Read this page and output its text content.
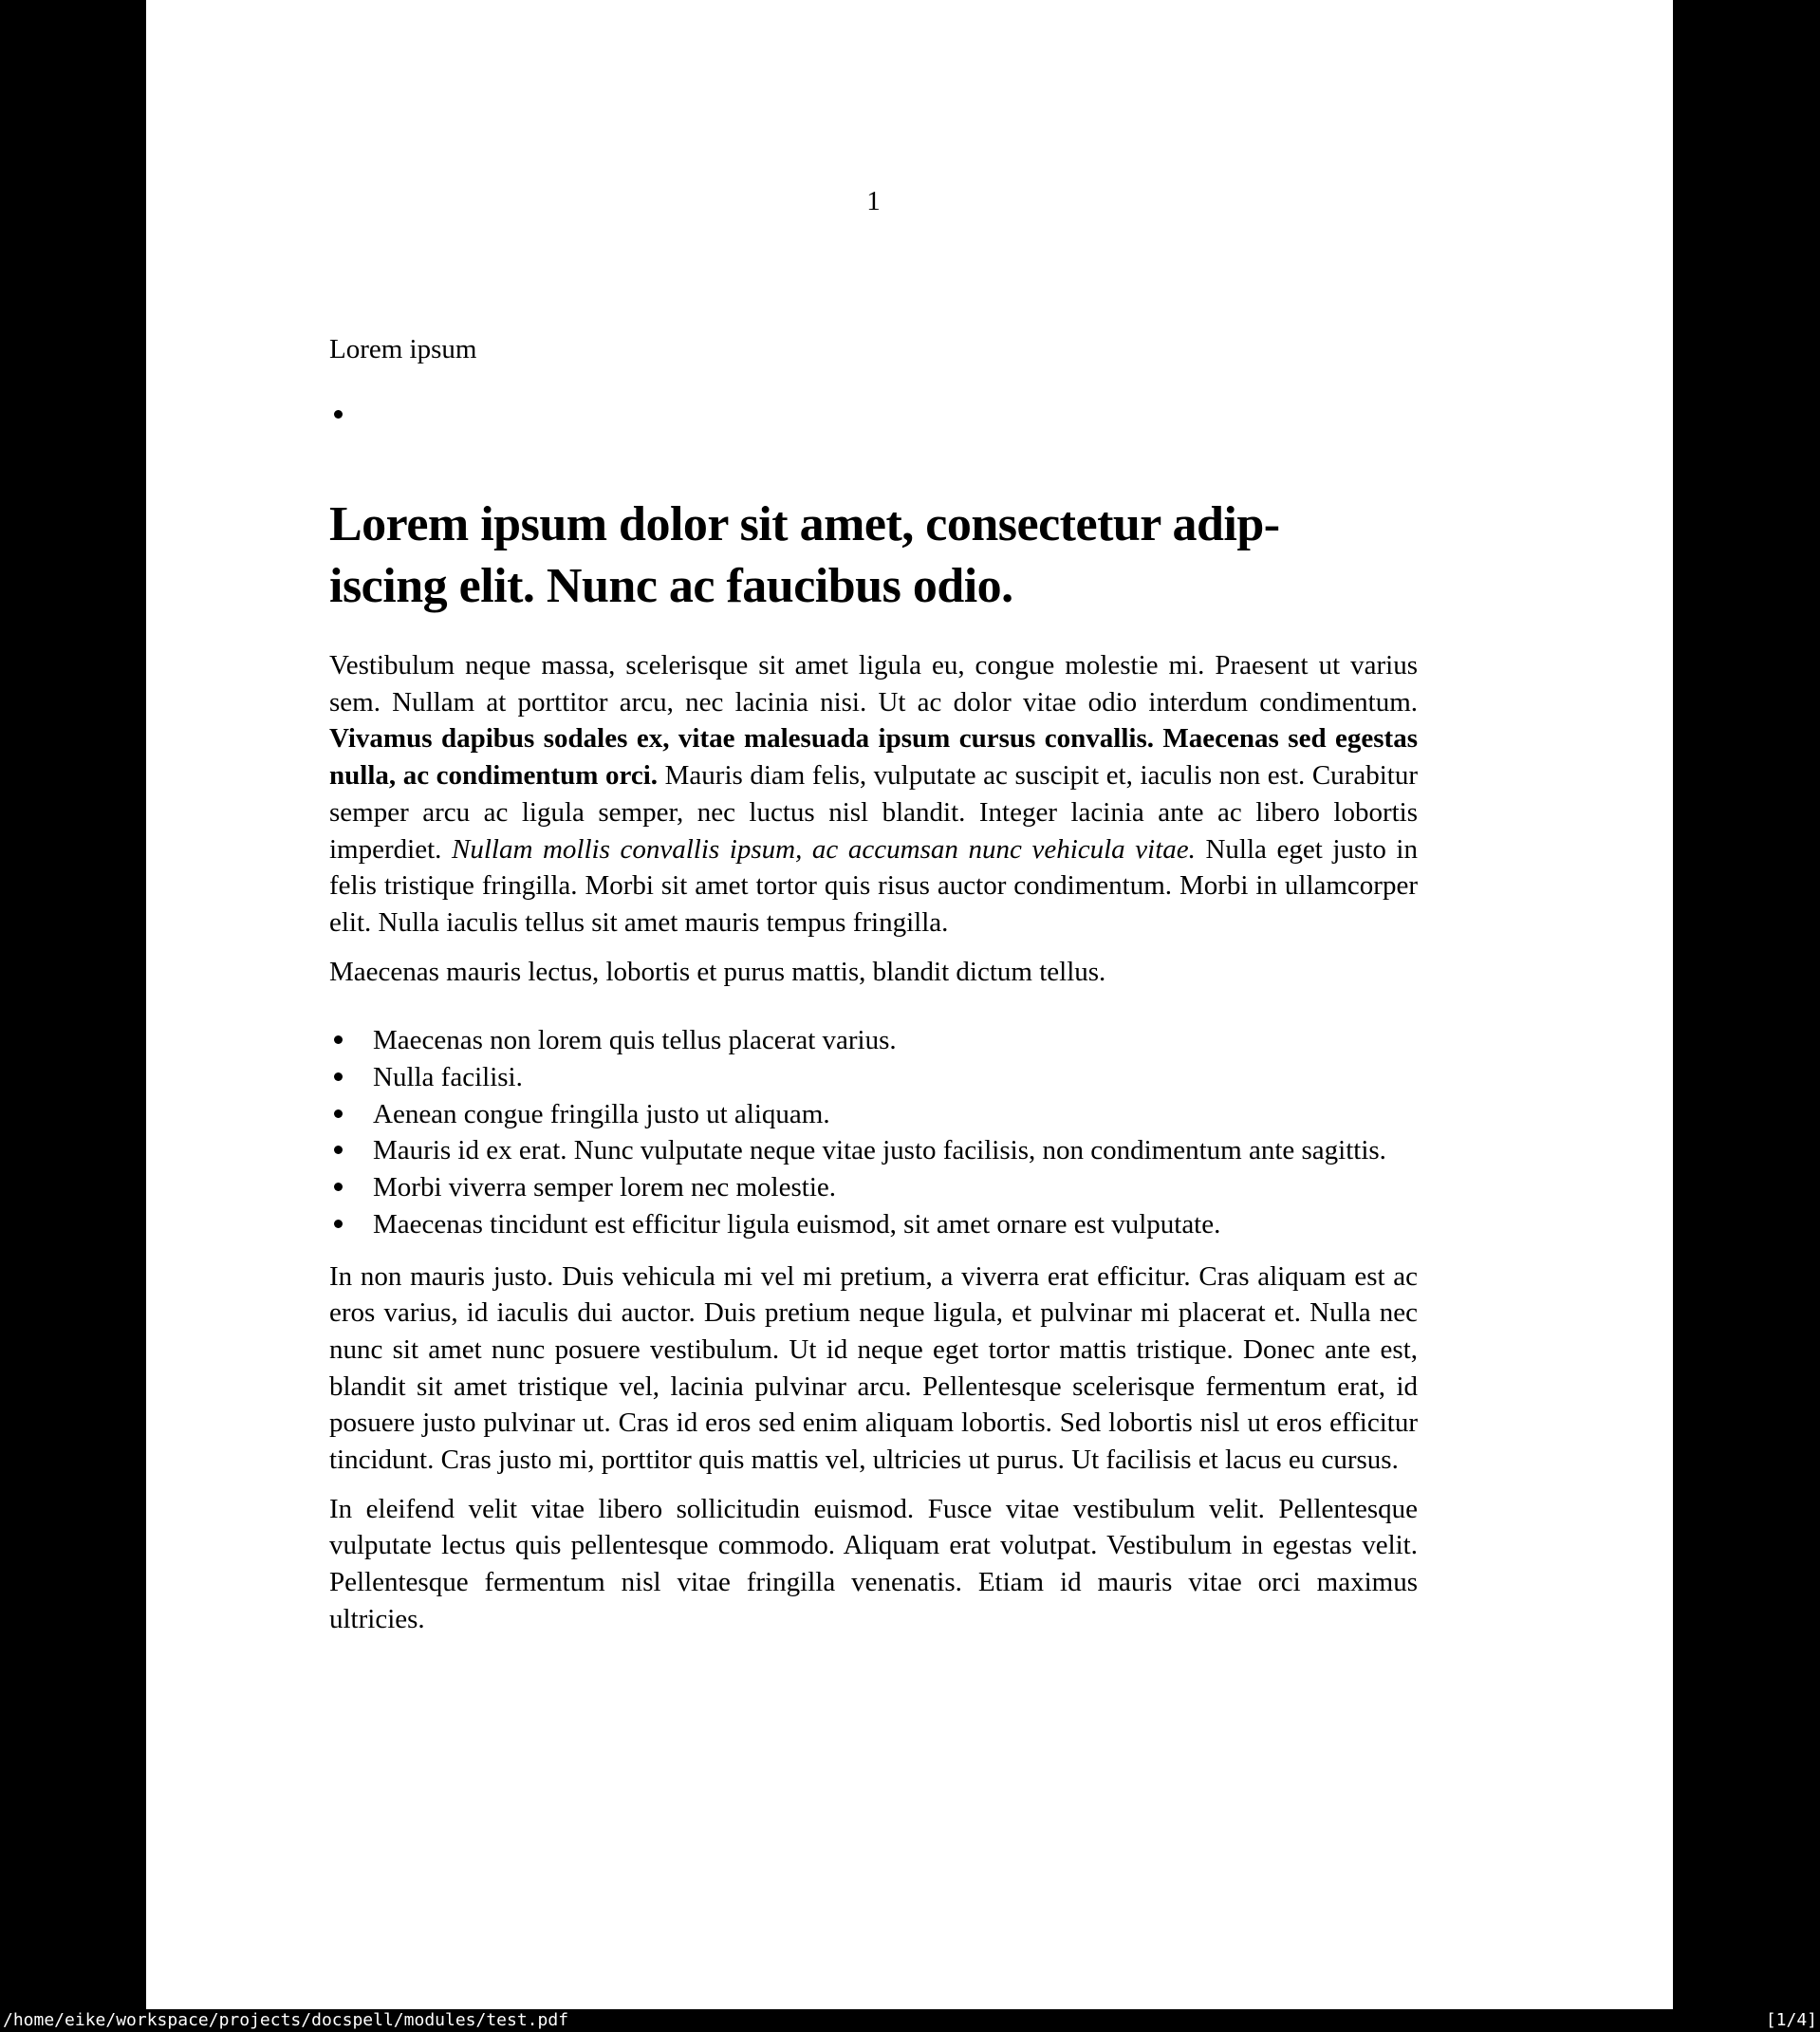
1
Lorem ipsum
Lorem ipsum dolor sit amet, consectetur adip-
iscing elit. Nunc ac faucibus odio.
Vestibulum neque massa, scelerisque sit amet ligula eu, congue molestie mi. Praesent ut varius sem. Nullam at porttitor arcu, nec lacinia nisi. Ut ac dolor vitae odio interdum condimentum. Vivamus dapibus sodales ex, vitae malesuada ipsum cursus convallis. Maecenas sed egestas nulla, ac condimentum orci. Mauris diam felis, vulputate ac suscipit et, iaculis non est. Curabitur semper arcu ac ligula semper, nec luctus nisl blandit. Integer lacinia ante ac libero lobortis imperdiet. Nullam mollis convallis ipsum, ac accumsan nunc vehicula vitae. Nulla eget justo in felis tristique fringilla. Morbi sit amet tortor quis risus auctor condimentum. Morbi in ullamcorper elit. Nulla iaculis tellus sit amet mauris tempus fringilla.
Maecenas mauris lectus, lobortis et purus mattis, blandit dictum tellus.
Maecenas non lorem quis tellus placerat varius.
Nulla facilisi.
Aenean congue fringilla justo ut aliquam.
Mauris id ex erat. Nunc vulputate neque vitae justo facilisis, non condimentum ante sagittis.
Morbi viverra semper lorem nec molestie.
Maecenas tincidunt est efficitur ligula euismod, sit amet ornare est vulputate.
In non mauris justo. Duis vehicula mi vel mi pretium, a viverra erat efficitur. Cras aliquam est ac eros varius, id iaculis dui auctor. Duis pretium neque ligula, et pulvinar mi placerat et. Nulla nec nunc sit amet nunc posuere vestibulum. Ut id neque eget tortor mattis tristique. Donec ante est, blandit sit amet tristique vel, lacinia pulvinar arcu. Pellentesque scelerisque fermentum erat, id posuere justo pulvinar ut. Cras id eros sed enim aliquam lobortis. Sed lobortis nisl ut eros efficitur tincidunt. Cras justo mi, porttitor quis mattis vel, ultricies ut purus. Ut facilisis et lacus eu cursus.
In eleifend velit vitae libero sollicitudin euismod. Fusce vitae vestibulum velit. Pellentesque vulputate lectus quis pellentesque commodo. Aliquam erat volutpat. Vestibulum in egestas velit. Pellentesque fermentum nisl vitae fringilla venenatis. Etiam id mauris vitae orci maximus ultricies.
/home/eike/workspace/projects/docspell/modules/test.pdf	[1/4]
